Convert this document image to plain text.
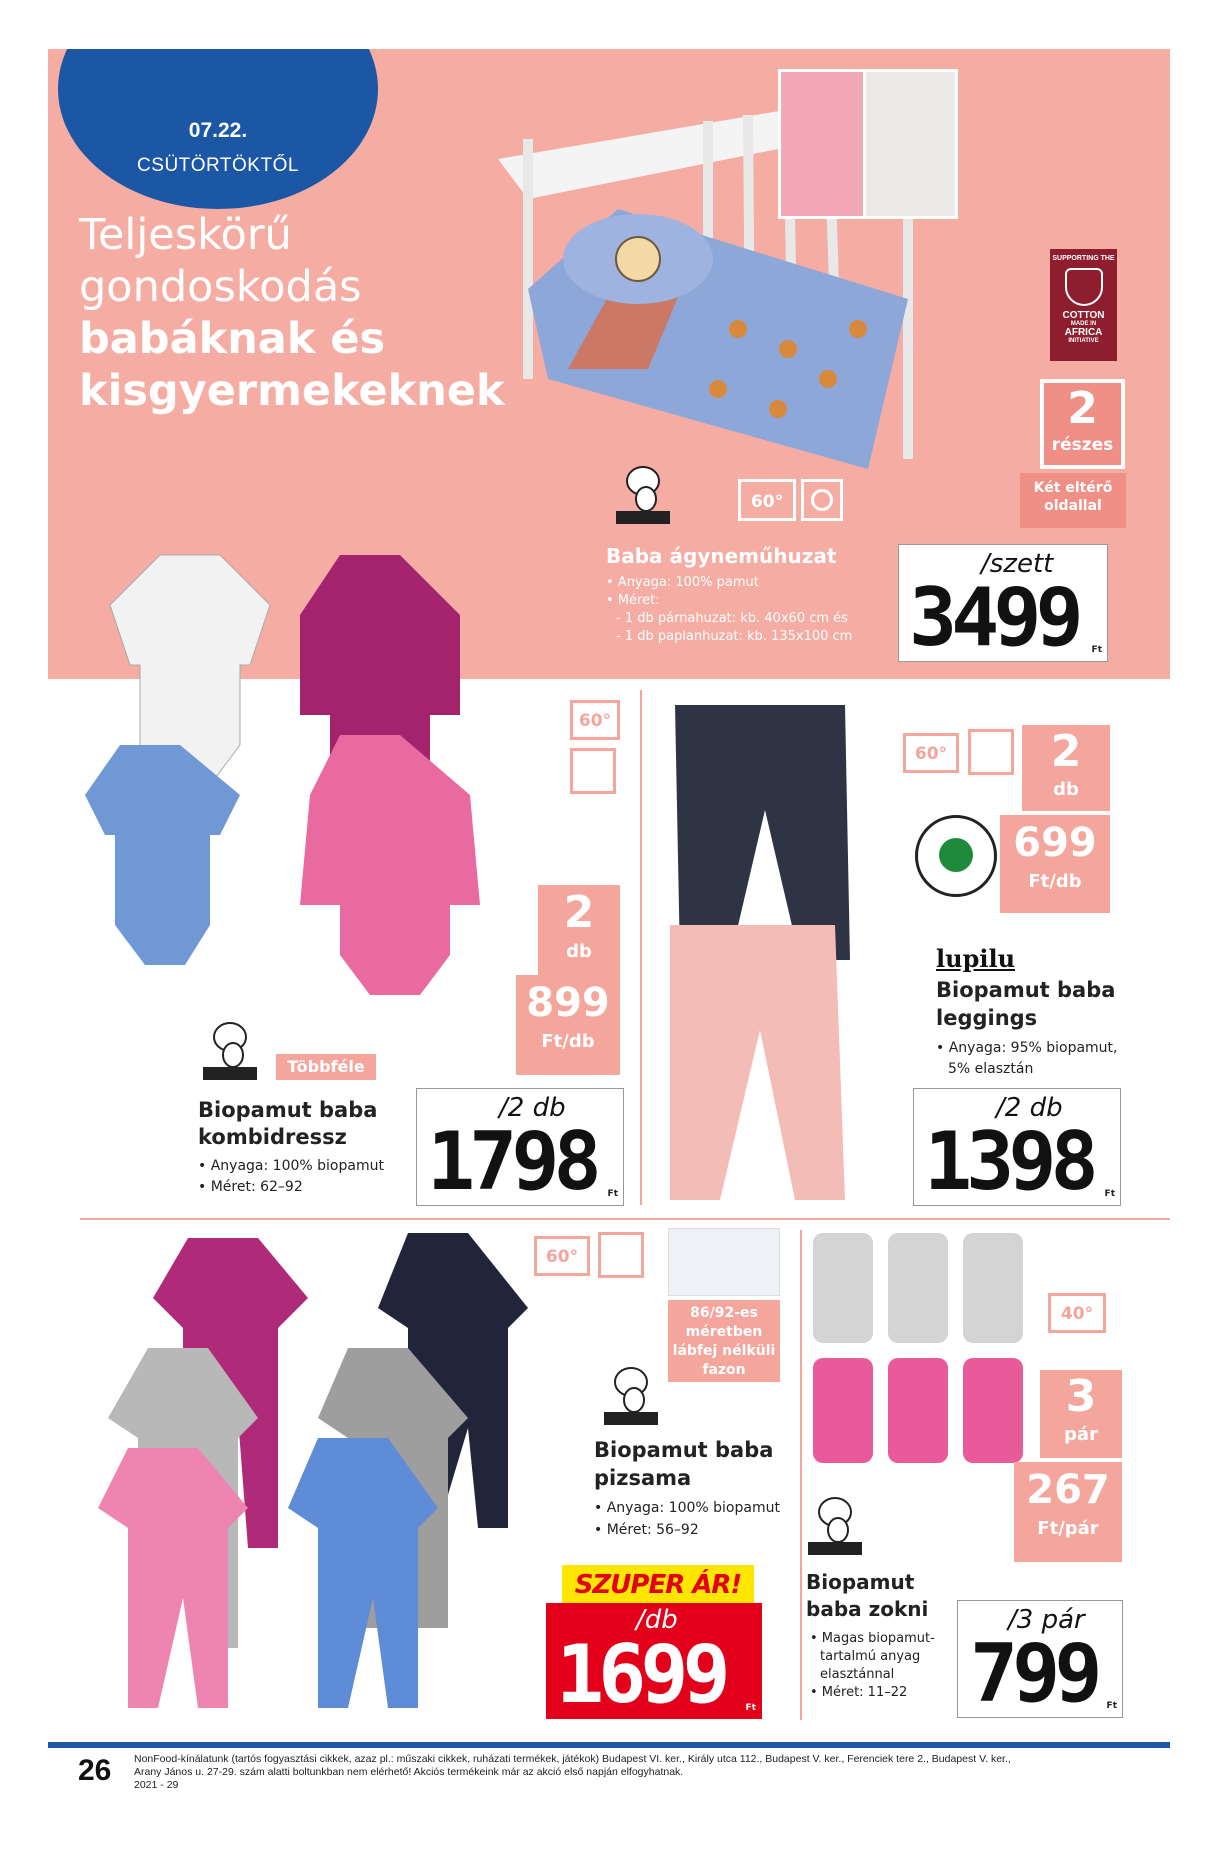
07.22.
CSÜTÖRTÖKTŐL
Teljeskörű
gondoskodás
babáknak és
kisgyermekeknek
SUPPORTING THE
COTTON
MADE IN
AFRICA
INITIATIVE
2
részes
Két eltérő oldallal
60°
Baba ágyneműhuzat
• Anyaga: 100% pamut
• Méret:
- 1 db párnahuzat: kb. 40x60 cm és
- 1 db paplanhuzat: kb. 135x100 cm
/szett
3499 Ft
60°
2
db
899
Ft/db
Többféle
Biopamut baba
kombidressz
• Anyaga: 100% biopamut
• Méret: 62–92
/2 db
1798 Ft
60°	2
db
699
Ft/db
lupilu
Biopamut baba
leggings
• Anyaga: 95% biopamut,
5% elasztán
/2 db
1398 Ft
60°
86/92-es méretben lábfej nélküli fazon
Biopamut baba
pizsama
• Anyaga: 100% biopamut
• Méret: 56–92
SZUPER ÁR!
/db
1699 Ft
40°
3
pár
267
Ft/pár
Biopamut
baba zokni
• Magas biopamut-
tartalmú anyag
elasztánnal
• Méret: 11–22
/3 pár
799 Ft
26 NonFood-kínálatunk (tartós fogyasztási cikkek, azaz pl.: műszaki cikkek, ruházati termékek, játékok) Budapest VI. ker., Király utca 112., Budapest V. ker., Ferenciek tere 2., Budapest V. ker.,
Arany János u. 27-29. szám alatti boltunkban nem elérhető! Akciós termékeink már az akció első napján elfogyhatnak.
2021 - 29
